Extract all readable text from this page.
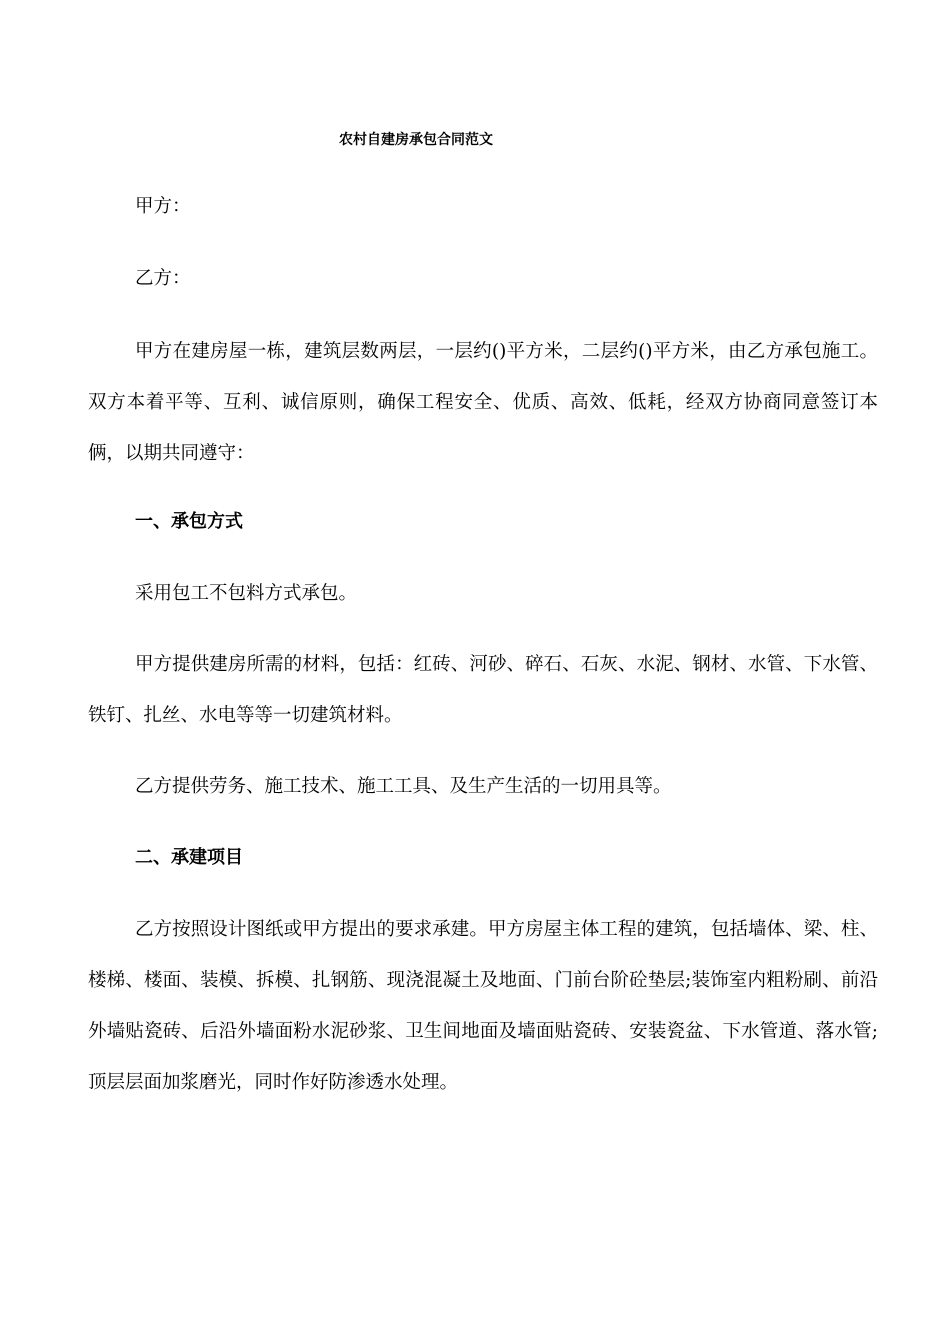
农村自建房承包合同范文
甲方：
乙方：
甲方在建房屋一栋，建筑层数两层，一层约()平方米，二层约()平方米，由乙方承包施工。双方本着平等、互利、诚信原则，确保工程安全、优质、高效、低耗，经双方协商同意签订本俩，以期共同遵守：
一、承包方式
采用包工不包料方式承包。
甲方提供建房所需的材料，包括：红砖、河砂、碎石、石灰、水泥、钢材、水管、下水管、铁钉、扎丝、水电等等一切建筑材料。
乙方提供劳务、施工技术、施工工具、及生产生活的一切用具等。
二、承建项目
乙方按照设计图纸或甲方提出的要求承建。甲方房屋主体工程的建筑，包括墙体、梁、柱、楼梯、楼面、装模、拆模、扎钢筋、现浇混凝土及地面、门前台阶砼垫层;装饰室内粗粉刷、前沿外墙贴瓷砖、后沿外墙面粉水泥砂浆、卫生间地面及墙面贴瓷砖、安装瓷盆、下水管道、落水管;顶层层面加浆磨光，同时作好防渗透水处理。
